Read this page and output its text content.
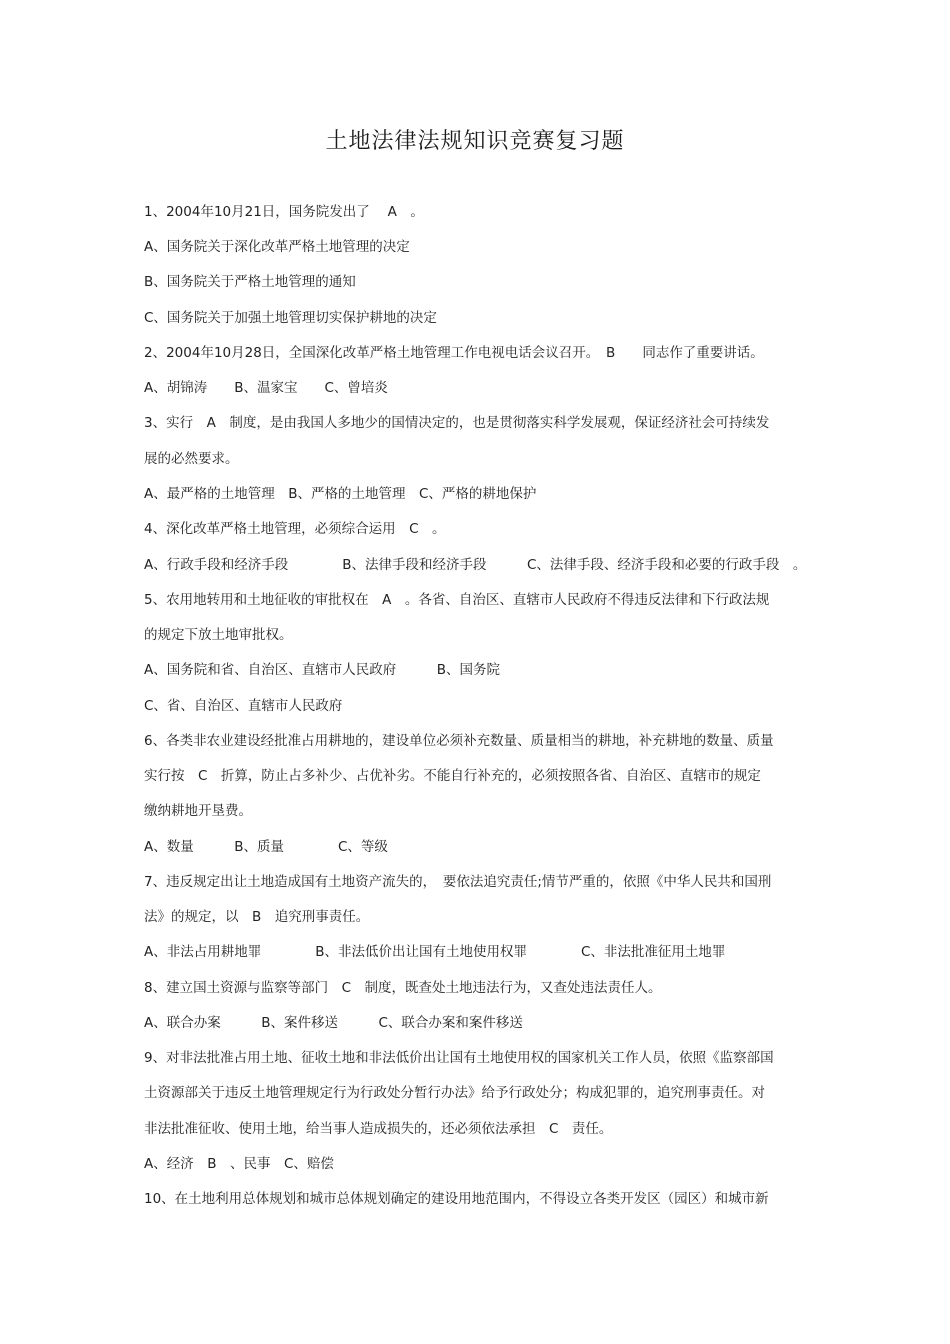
土地法律法规知识竞赛复习题
1、2004年10月21日，国务院发出了　 A　。
A、国务院关于深化改革严格土地管理的决定
B、国务院关于严格土地管理的通知
C、国务院关于加强土地管理切实保护耕地的决定
2、2004年10月28日，全国深化改革严格土地管理工作电视电话会议召开。　B　　同志作了重要讲话。
A、胡锦涛　　B、温家宝　　C、曾培炎
3、实行　A　制度，是由我国人多地少的国情决定的，也是贯彻落实科学发展观，保证经济社会可持续发
展的必然要求。
A、最严格的土地管理　B、严格的土地管理　C、严格的耕地保护
4、深化改革严格土地管理，必须综合运用　C　。
A、行政手段和经济手段　　　　B、法律手段和经济手段　　　C、法律手段、经济手段和必要的行政手段　。
5、农用地转用和土地征收的审批权在　A　。各省、自治区、直辖市人民政府不得违反法律和下行政法规
的规定下放土地审批权。
A、国务院和省、自治区、直辖市人民政府　　　B、国务院
C、省、自治区、直辖市人民政府
6、各类非农业建设经批准占用耕地的，建设单位必须补充数量、质量相当的耕地，补充耕地的数量、质量
实行按　C　折算，防止占多补少、占优补劣。不能自行补充的，必须按照各省、自治区、直辖市的规定
缴纳耕地开垦费。
A、数量　　　B、质量　　　　C、等级
7、违反规定出让土地造成国有土地资产流失的，　要依法追究责任;情节严重的，依照《中华人民共和国刑
法》的规定，以　B　追究刑事责任。
A、非法占用耕地罪　　　　B、非法低价出让国有土地使用权罪　　　　C、非法批准征用土地罪
8、建立国土资源与监察等部门　C　制度，既查处土地违法行为，又查处违法责任人。
A、联合办案　　　B、案件移送　　　C、联合办案和案件移送
9、对非法批准占用土地、征收土地和非法低价出让国有土地使用权的国家机关工作人员，依照《监察部国
土资源部关于违反土地管理规定行为行政处分暂行办法》给予行政处分；构成犯罪的，追究刑事责任。对
非法批准征收、使用土地，给当事人造成损失的，还必须依法承担　C　责任。
A、经济　B　、民事　C、赔偿
10、在土地利用总体规划和城市总体规划确定的建设用地范围内，不得设立各类开发区（园区）和城市新
